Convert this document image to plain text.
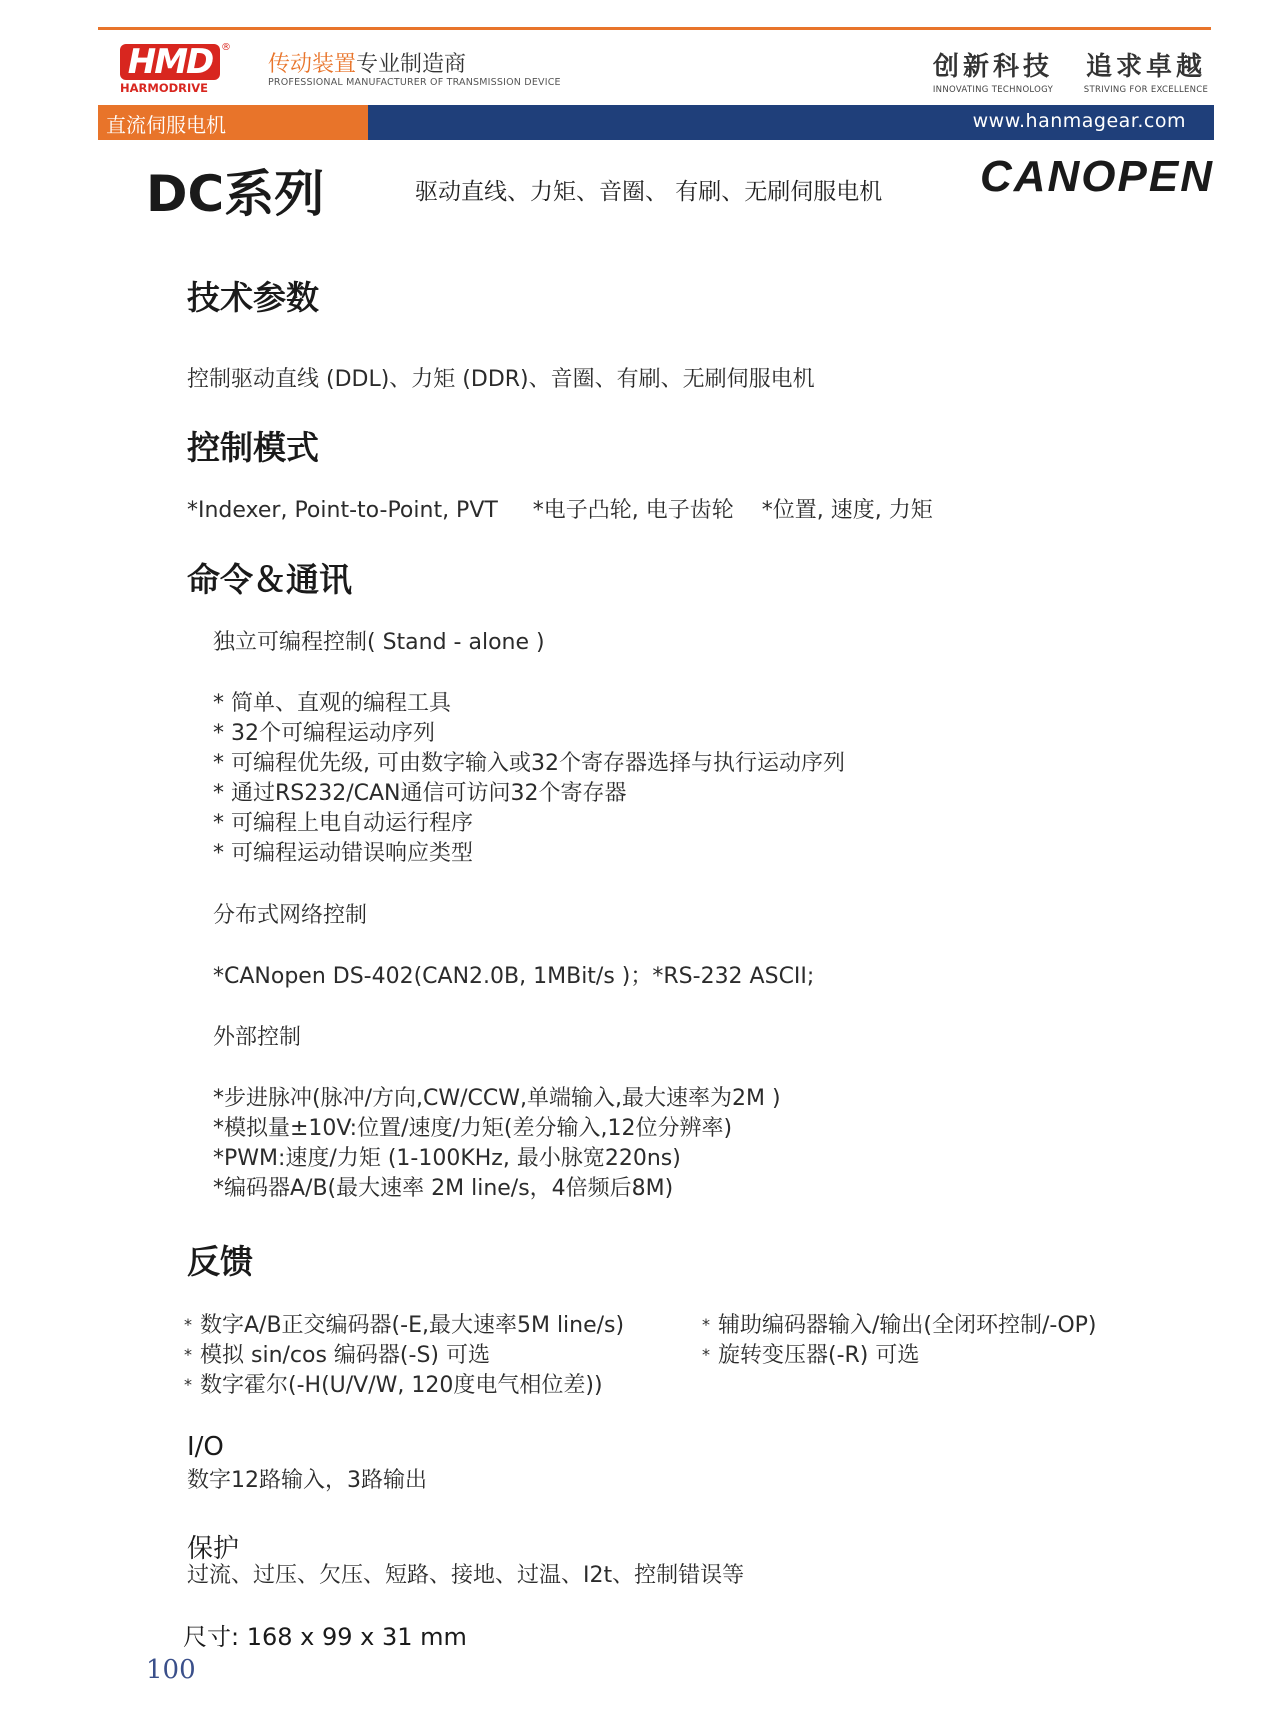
HMD ®
HARMODRIVE
传动装置专业制造商
PROFESSIONAL MANUFACTURER OF TRANSMISSION DEVICE
创新科技
INNOVATING TECHNOLOGY
追求卓越
STRIVING FOR EXCELLENCE
直流伺服电机	www.hanmagear.com
DC系列	驱动直线、力矩、音圈、 有刷、无刷伺服电机 CANOPEN
技术参数
控制驱动直线 (DDL)、力矩 (DDR)、音圈、有刷、无刷伺服电机
控制模式
*Indexer, Point-to-Point, PVT     *电子凸轮, 电子齿轮    *位置, 速度, 力矩
命令＆通讯
独立可编程控制( Stand - alone )
* 简单、直观的编程工具
* 32个可编程运动序列
* 可编程优先级, 可由数字输入或32个寄存器选择与执行运动序列
* 通过RS232/CAN通信可访问32个寄存器
* 可编程上电自动运行程序
* 可编程运动错误响应类型
分布式网络控制
*CANopen DS-402(CAN2.0B, 1MBit/s )；*RS-232 ASCII;
外部控制
*步进脉冲(脉冲/方向,CW/CCW,单端输入,最大速率为2M )
*模拟量±10V:位置/速度/力矩(差分输入,12位分辨率)
*PWM:速度/力矩 (1-100KHz, 最小脉宽220ns)
*编码器A/B(最大速率 2M line/s，4倍频后8M)
反馈
* 数字A/B正交编码器(-E,最大速率5M line/s)
* 模拟 sin/cos 编码器(-S) 可选
* 数字霍尔(-H(U/V/W, 120度电气相位差))
* 辅助编码器输入/输出(全闭环控制/-OP)
* 旋转变压器(-R) 可选
I/O
数字12路输入，3路输出
保护
过流、过压、欠压、短路、接地、过温、I2t、控制错误等
尺寸: 168 x 99 x 31 mm
100
